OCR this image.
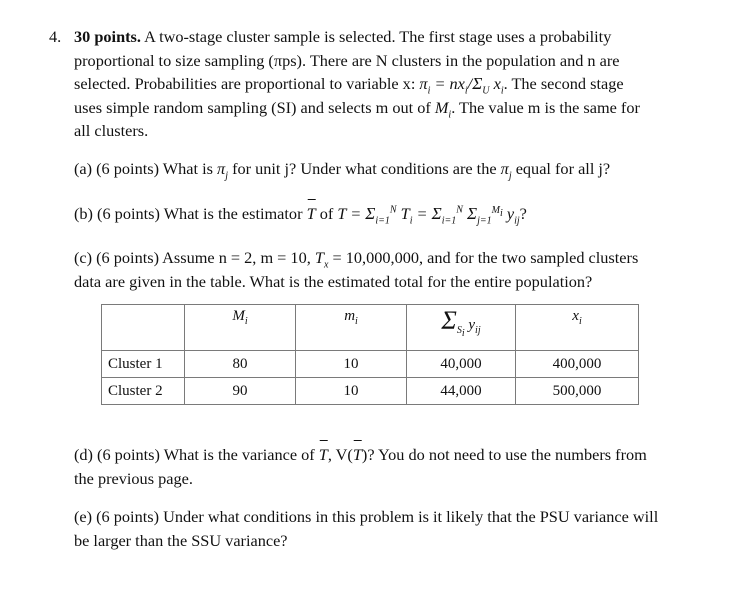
4. 30 points. A two-stage cluster sample is selected. The first stage uses a probability
proportional to size sampling (πps). There are N clusters in the population and n are
selected. Probabilities are proportional to variable x: $\pi_i = nx_i/\Sigma_U$ $x_i$. The second stage
uses simple random sampling (SI) and selects m out of $M_i$. The value m is the same for
all clusters.
(a) (6 points) What is $\pi_j$ for unit j? Under what conditions are the $\pi_j$ equal for all j?
(b) (6 points) What is the estimator T of $T = \Sigma_{i=1}^N$ $T_i = \Sigma_{i=1}^N$ $\Sigma_{j=1}^{M_i}$ $y_{ij}$?
(c) (6 points) Assume n = 2, m = 10, $T_x = 10,000,000$, and for the two sampled clusters
data are given in the table. What is the estimated total for the entire population?
	$M_i$	$m_i$	$\Sigma_{S_i}$ $y_{ij}$	$x_i$
Cluster 1	80	10	40,000	400,000
Cluster 2	90	10	44,000	500,000
(d) (6 points) What is the variance of T, V(T)? You do not need to use the numbers from
the previous page.
(e) (6 points) Under what conditions in this problem is it likely that the PSU variance will
be larger than the SSU variance?
